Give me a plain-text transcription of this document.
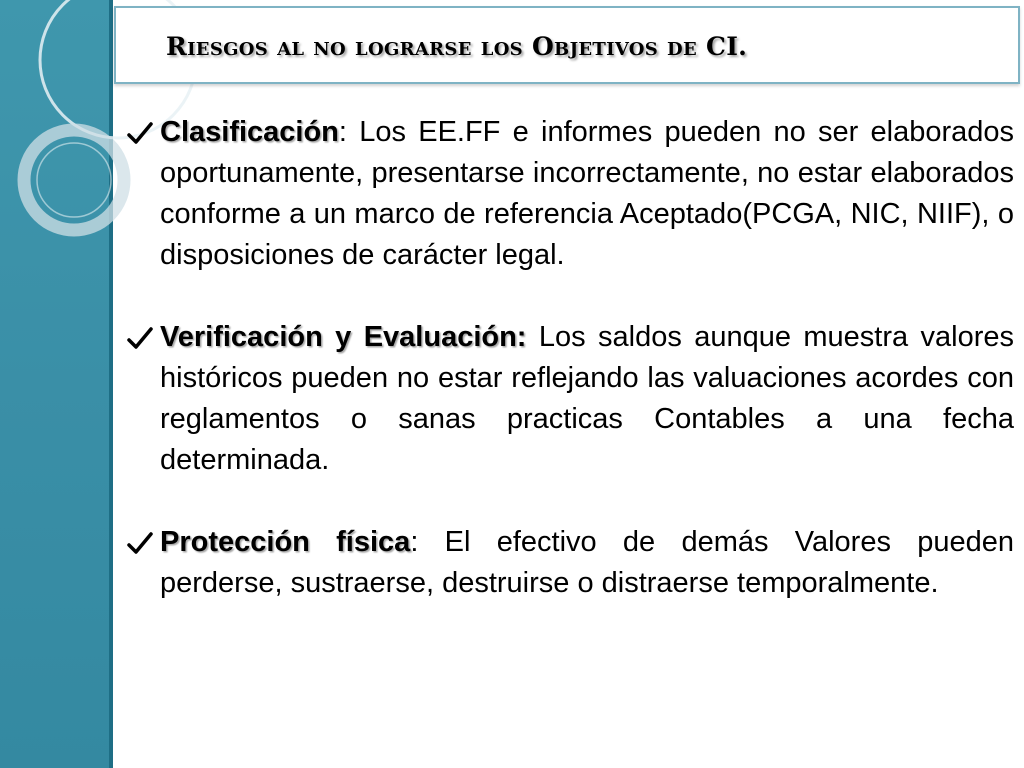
Riesgos al no lograrse los Objetivos de CI.

Clasificación: Los EE.FF e informes pueden no ser elaborados oportunamente, presentarse incorrectamente, no estar elaborados conforme a un marco de referencia Aceptado(PCGA, NIC, NIIF), o disposiciones de carácter legal.

Verificación y Evaluación: Los saldos aunque muestra valores históricos pueden no estar reflejando las valuaciones acordes con reglamentos o sanas practicas Contables a una fecha determinada.

Protección física: El efectivo de demás Valores pueden perderse, sustraerse, destruirse o distraerse temporalmente.
